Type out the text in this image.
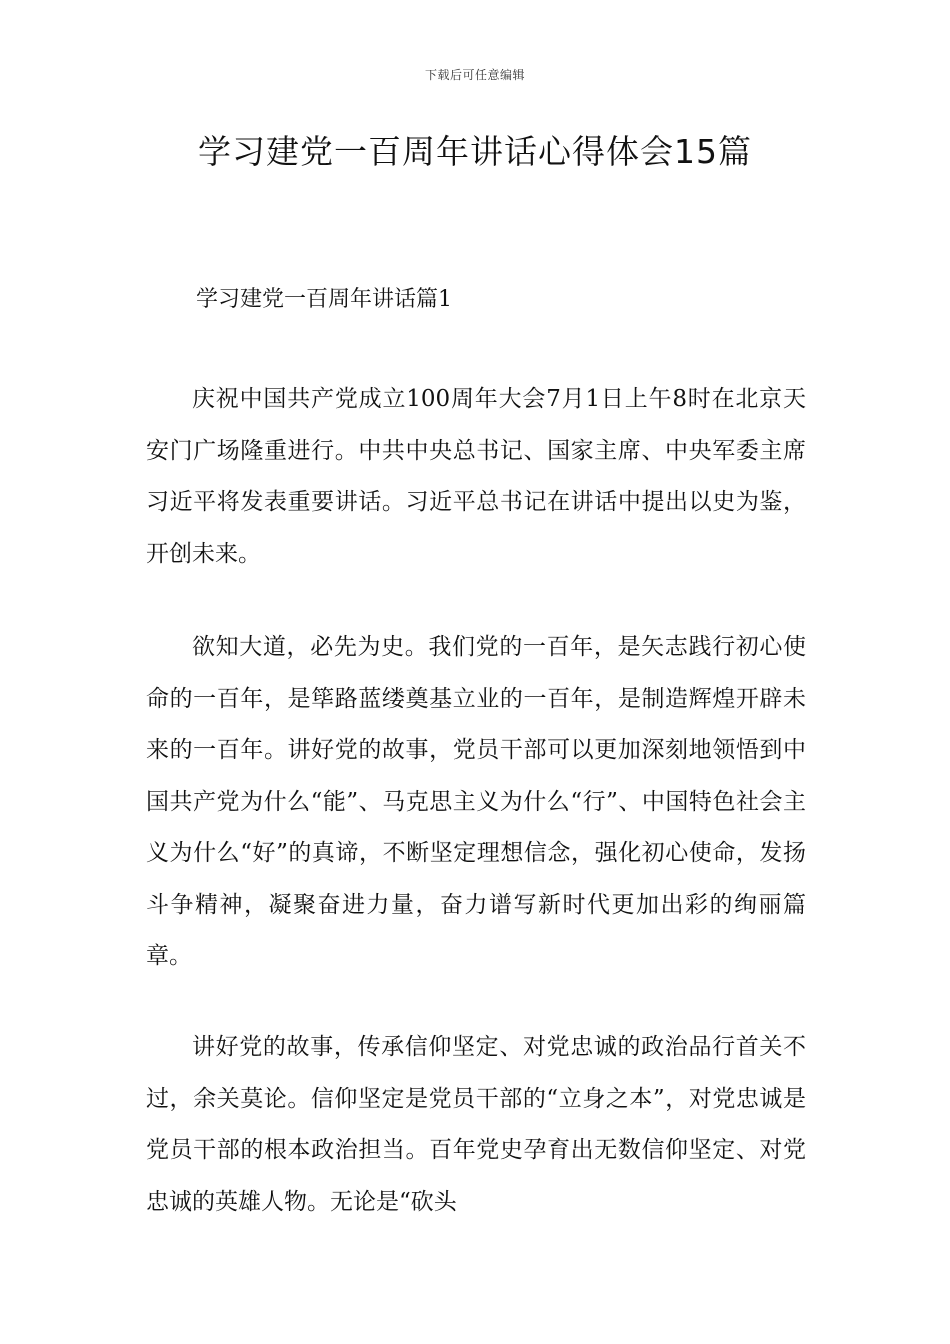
下载后可任意编辑
学习建党一百周年讲话心得体会15篇
学习建党一百周年讲话篇1

庆祝中国共产党成立100周年大会7月1日上午8时在北京天安门广场隆重进行。中共中央总书记、国家主席、中央军委主席习近平将发表重要讲话。习近平总书记在讲话中提出以史为鉴，开创未来。

欲知大道，必先为史。我们党的一百年，是矢志践行初心使命的一百年，是筚路蓝缕奠基立业的一百年，是制造辉煌开辟未来的一百年。讲好党的故事，党员干部可以更加深刻地领悟到中国共产党为什么“能”、马克思主义为什么“行”、中国特色社会主义为什么“好”的真谛，不断坚定理想信念，强化初心使命，发扬斗争精神，凝聚奋进力量，奋力谱写新时代更加出彩的绚丽篇章。

讲好党的故事，传承信仰坚定、对党忠诚的政治品行首关不过，余关莫论。信仰坚定是党员干部的“立身之本”，对党忠诚是党员干部的根本政治担当。百年党史孕育出无数信仰坚定、对党忠诚的英雄人物。无论是“砍头
